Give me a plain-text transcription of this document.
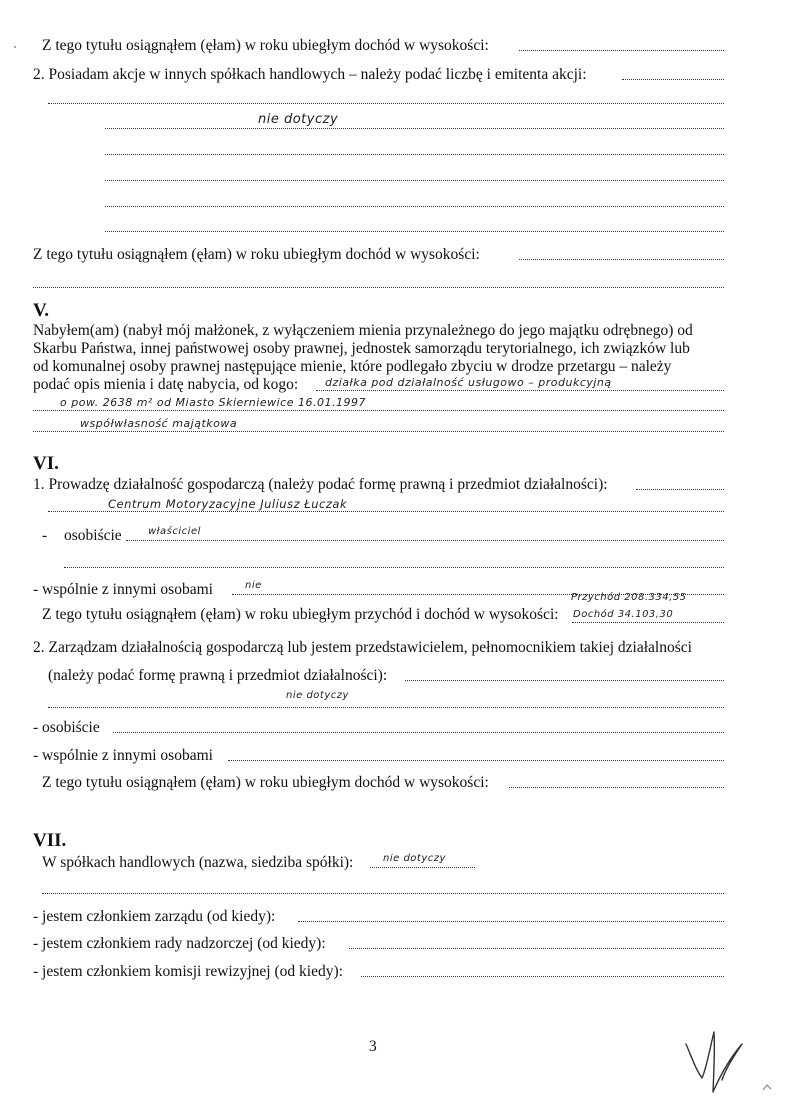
Z tego tytułu osiągnąłem (ęłam) w roku ubiegłym dochód w wysokości:
2. Posiadam akcje w innych spółkach handlowych – należy podać liczbę i emitenta akcji:
nie dotyczy
Z tego tytułu osiągnąłem (ęłam) w roku ubiegłym dochód w wysokości:
V.
Nabyłem(am) (nabył mój małżonek, z wyłączeniem mienia przynależnego do jego majątku odrębnego) od
Skarbu Państwa, innej państwowej osoby prawnej, jednostek samorządu terytorialnego, ich związków lub
od komunalnej osoby prawnej następujące mienie, które podlegało zbyciu w drodze przetargu – należy
podać opis mienia i datę nabycia, od kogo: działka pod działalność usługowo – produkcyjną
o pow. 2638 m² od Miasto Skierniewice 16.01.1997
współwłasność majątkowa
VI.
1. Prowadzę działalność gospodarczą (należy podać formę prawną i przedmiot działalności):
Centrum Motoryzacyjne Juliusz Łuczak
- osobiście	właściciel
- wspólnie z innymi osobami	nie
Z tego tytułu osiągnąłem (ęłam) w roku ubiegłym przychód i dochód w wysokości:
Przychód 208.334,55
Dochód 34.103,30
2. Zarządzam działalnością gospodarczą lub jestem przedstawicielem, pełnomocnikiem takiej działalności
(należy podać formę prawną i przedmiot działalności):
nie dotyczy
- osobiście
- wspólnie z innymi osobami
Z tego tytułu osiągnąłem (ęłam) w roku ubiegłym dochód w wysokości:
VII.
W spółkach handlowych (nazwa, siedziba spółki):	nie dotyczy
- jestem członkiem zarządu (od kiedy):
- jestem członkiem rady nadzorczej (od kiedy):
- jestem członkiem komisji rewizyjnej (od kiedy):
3
